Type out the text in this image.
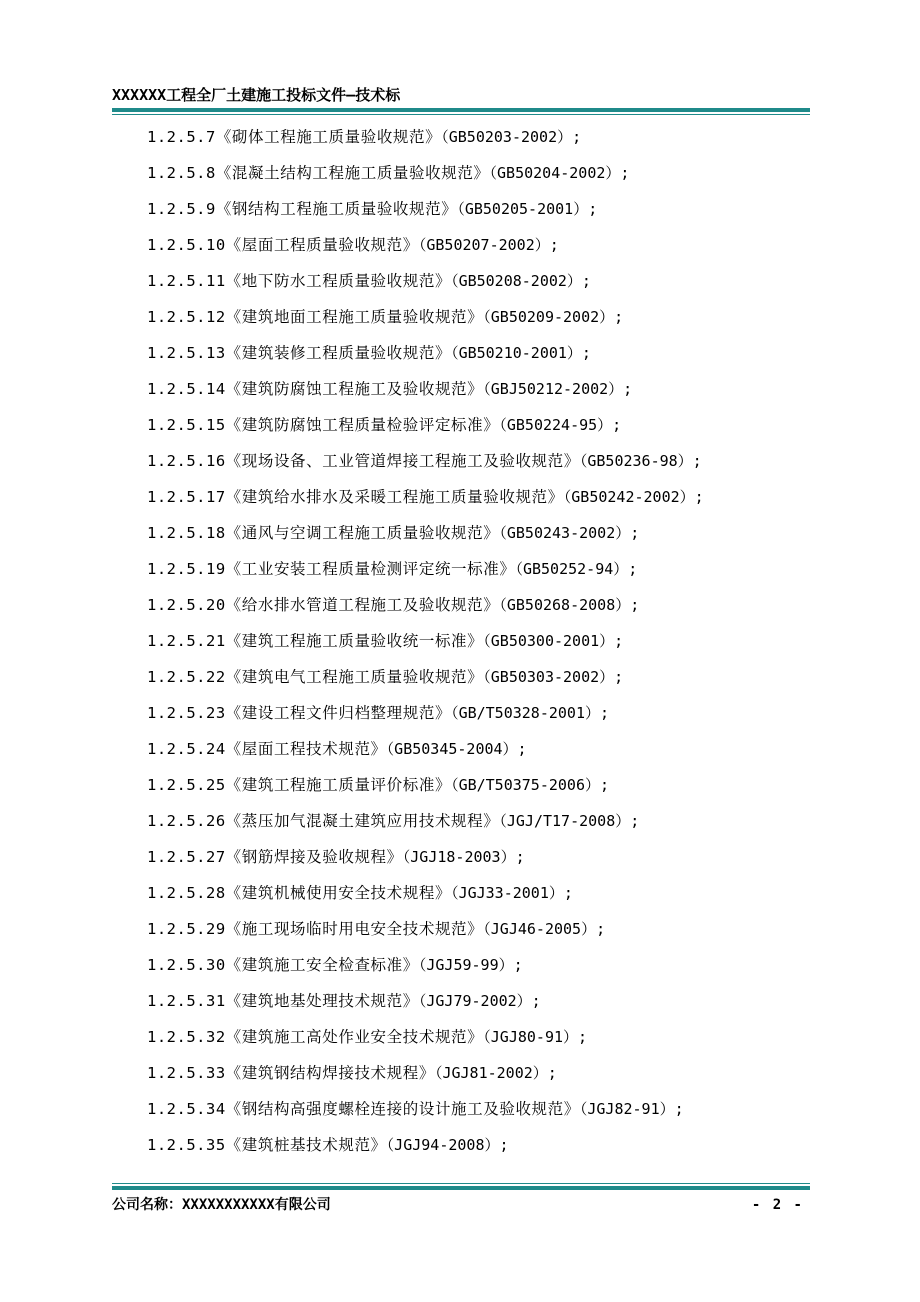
XXXXXX工程全厂土建施工投标文件—技术标
1.2.5.7《砌体工程施工质量验收规范》（GB50203-2002）;
1.2.5.8《混凝土结构工程施工质量验收规范》（GB50204-2002）;
1.2.5.9《钢结构工程施工质量验收规范》（GB50205-2001）;
1.2.5.10《屋面工程质量验收规范》（GB50207-2002）;
1.2.5.11《地下防水工程质量验收规范》（GB50208-2002）;
1.2.5.12《建筑地面工程施工质量验收规范》（GB50209-2002）;
1.2.5.13《建筑装修工程质量验收规范》（GB50210-2001）;
1.2.5.14《建筑防腐蚀工程施工及验收规范》（GBJ50212-2002）;
1.2.5.15《建筑防腐蚀工程质量检验评定标准》（GB50224-95）;
1.2.5.16《现场设备、工业管道焊接工程施工及验收规范》（GB50236-98）;
1.2.5.17《建筑给水排水及采暖工程施工质量验收规范》（GB50242-2002）;
1.2.5.18《通风与空调工程施工质量验收规范》（GB50243-2002）;
1.2.5.19《工业安装工程质量检测评定统一标准》（GB50252-94）;
1.2.5.20《给水排水管道工程施工及验收规范》（GB50268-2008）;
1.2.5.21《建筑工程施工质量验收统一标准》（GB50300-2001）;
1.2.5.22《建筑电气工程施工质量验收规范》（GB50303-2002）;
1.2.5.23《建设工程文件归档整理规范》（GB/T50328-2001）;
1.2.5.24《屋面工程技术规范》（GB50345-2004）;
1.2.5.25《建筑工程施工质量评价标准》（GB/T50375-2006）;
1.2.5.26《蒸压加气混凝土建筑应用技术规程》（JGJ/T17-2008）;
1.2.5.27《钢筋焊接及验收规程》（JGJ18-2003）;
1.2.5.28《建筑机械使用安全技术规程》（JGJ33-2001）;
1.2.5.29《施工现场临时用电安全技术规范》（JGJ46-2005）;
1.2.5.30《建筑施工安全检查标准》（JGJ59-99）;
1.2.5.31《建筑地基处理技术规范》（JGJ79-2002）;
1.2.5.32《建筑施工高处作业安全技术规范》（JGJ80-91）;
1.2.5.33《建筑钢结构焊接技术规程》（JGJ81-2002）;
1.2.5.34《钢结构高强度螺栓连接的设计施工及验收规范》（JGJ82-91）;
1.2.5.35《建筑桩基技术规范》（JGJ94-2008）;
公司名称：XXXXXXXXXXX有限公司	- 2 -
